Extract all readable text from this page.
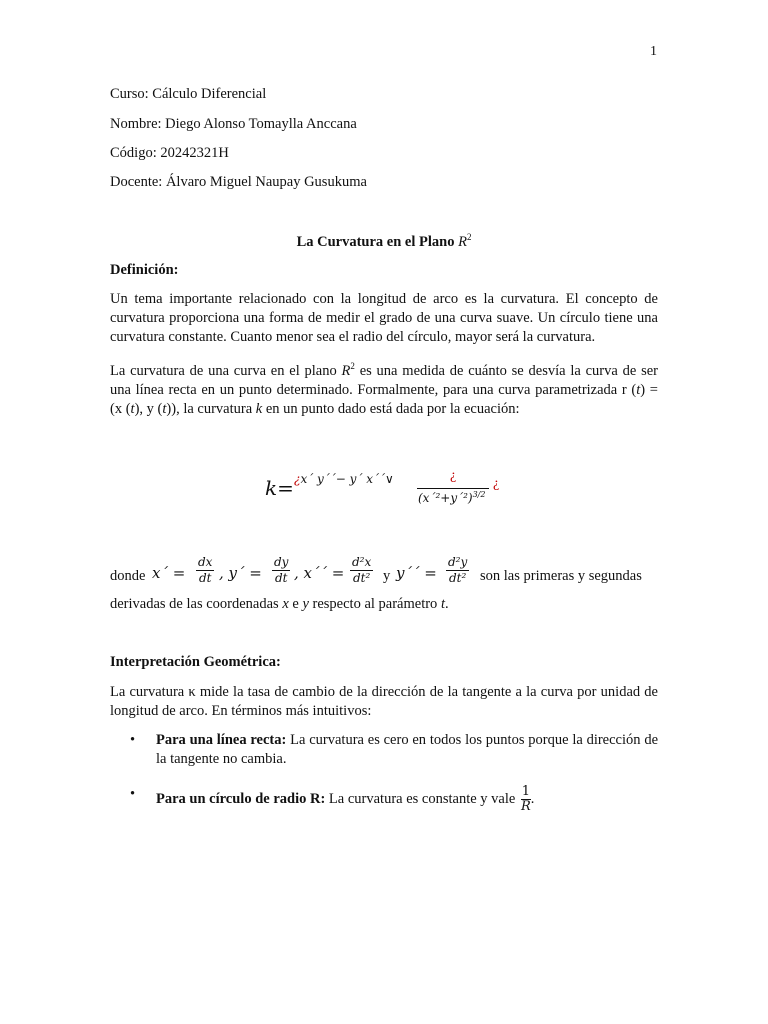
1
Curso: Cálculo Diferencial
Nombre: Diego Alonso Tomaylla Anccana
Código: 20242321H
Docente: Álvaro Miguel Naupay Gusukuma
La Curvatura en el Plano $R^2$
Definición:

Un tema importante relacionado con la longitud de arco es la curvatura. El concepto de curvatura proporciona una forma de medir el grado de una curva suave. Un círculo tiene una curvatura constante. Cuanto menor sea el radio del círculo, mayor será la curvatura.

La curvatura de una curva en el plano $R^2$ es una medida de cuánto se desvía la curva de ser una línea recta en un punto determinado. Formalmente, para una curva parametrizada r (t) = (x (t), y (t)), la curvatura k en un punto dado está dada por la ecuación:

k= ¿x´ y´´− y´ x´´∨	¿
(x´²+y´²)$^{3/2}$
¿
donde x´ = $\frac{dx}{dt}$ , y´ = $\frac{dy}{dt}$ , x´´ = $\frac{\text{d²x}}{\text{dt²}}$ y y´´ = $\frac{\text{d²y}}{\text{dt²}}$ son las primeras y segundas

derivadas de las coordenadas x e y respecto al parámetro t.

Interpretación Geométrica:

La curvatura κ mide la tasa de cambio de la dirección de la tangente a la curva por unidad de longitud de arco. En términos más intuitivos:

• Para una línea recta: La curvatura es cero en todos los puntos porque la dirección de la tangente no cambia.
• Para un círculo de radio R: La curvatura es constante y vale $\frac{1}{R}$ .
